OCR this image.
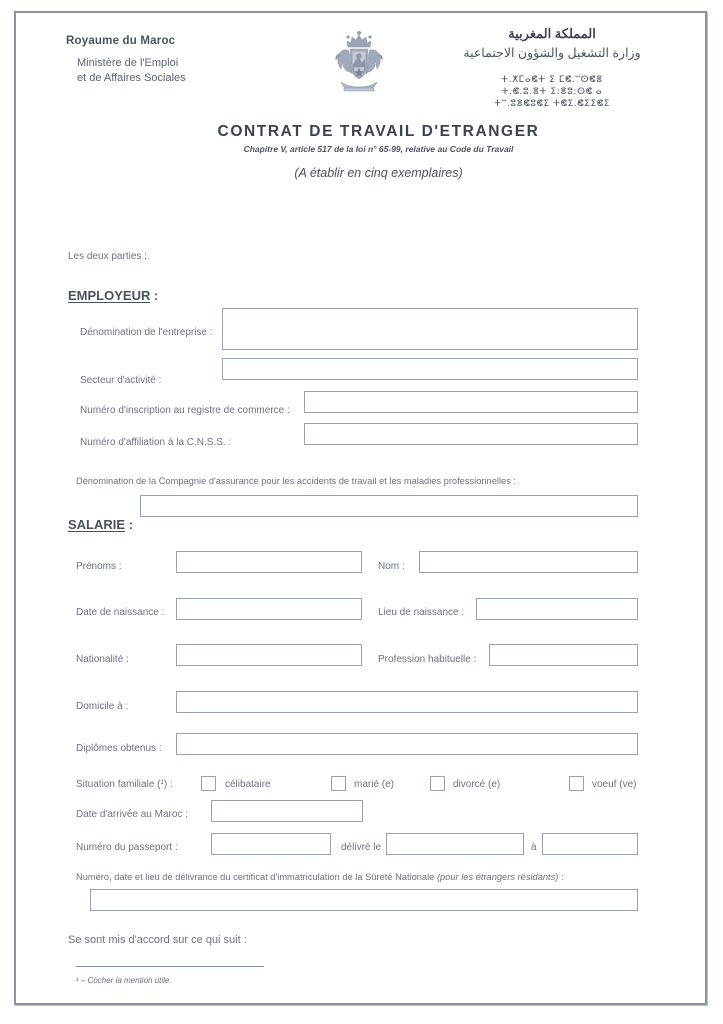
Royaume du Maroc
Ministère de l'Emploi
et de Affaires Sociales
المملكة المغربية
وزارة التشغيل والشؤون الاجتماعية
ⵜ.ⵅⵎⴰⵞⵜ ⵉ ⵎⵞ.ⵯⵙⵞⴻ
ⵜ.ⵞ.ⵓ.ⴻⵜ ⵉ:ⴻⵓ:ⵙⵞ ⴰ
ⵜⵯ.ⵓⴻⵞⵓⵞⵉ ⵜⵞⵉ.ⵞⵉⵉⵞⵉ
CONTRAT DE TRAVAIL D'ETRANGER
Chapitre V, article 517 de la loi n° 65-99, relative au Code du Travail
(A établir en cinq exemplaires)
Les deux parties :
EMPLOYEUR :
Dénomination de l'entreprise :
Secteur d'activité :
Numéro d'inscription au registre de commerce :
Numéro d'affiliation à la C.N.S.S. :
Dénomination de la Compagnie d'assurance pour les accidents de travail et les maladies professionnelles :
SALARIE :
Prénoms :	Nom :
Date de naissance :	Lieu de naissance :
Nationalité :	Profession habituelle :
Domicile à :
Diplômes obtenus :
Situation familiale (¹) :	célibataire	marié (e)	divorcé (e)	voeuf (ve)
Date d'arrivée au Maroc :
Numéro du passeport :	délivré le	à
Numéro, date et lieu de délivrance du certificat d'immatriculation de la Sûreté Nationale (pour les étrangers résidants) :
Se sont mis d'accord sur ce qui suit :
¹ – Cocher la mention utile.
